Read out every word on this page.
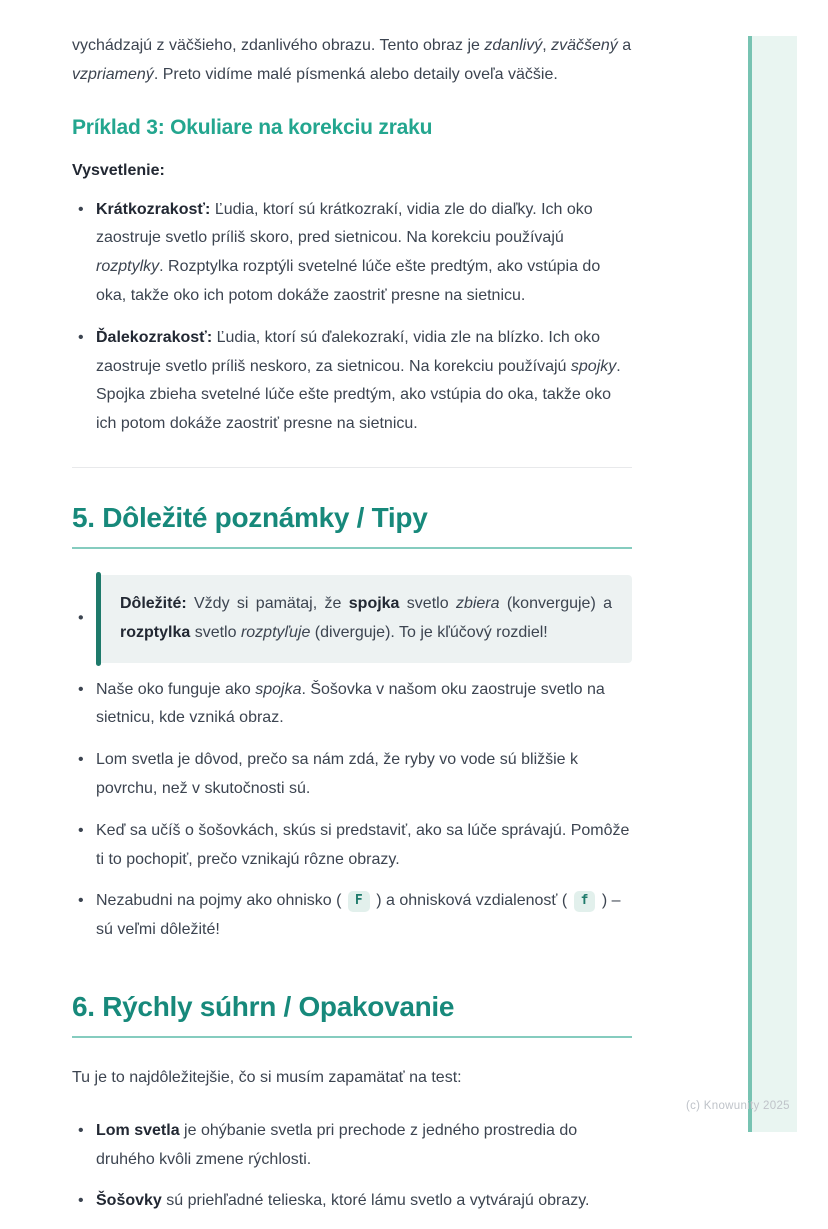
vychádzajú z väčšieho, zdanlivého obrazu. Tento obraz je zdanlivý, zväčšený a vzpriamený. Preto vidíme malé písmenká alebo detaily oveľa väčšie.

Príklad 3: Okuliare na korekciu zraku

Vysvetlenie:

• Krátkozrakosť: Ľudia, ktorí sú krátkozrakí, vidia zle do diaľky. Ich oko zaostruje svetlo príliš skoro, pred sietnicou. Na korekciu používajú rozptylky. Rozptylka rozptýli svetelné lúče ešte predtým, ako vstúpia do oka, takže oko ich potom dokáže zaostriť presne na sietnicu.
• Ďalekozrakosť: Ľudia, ktorí sú ďalekozrakí, vidia zle na blízko. Ich oko zaostruje svetlo príliš neskoro, za sietnicou. Na korekciu používajú spojky. Spojka zbieha svetelné lúče ešte predtým, ako vstúpia do oka, takže oko ich potom dokáže zaostriť presne na sietnicu.
5. Dôležité poznámky / Tipy

• Dôležité: Vždy si pamätaj, že spojka svetlo zbiera (konverguje) a rozptylka svetlo rozptyľuje (diverguje). To je kľúčový rozdiel!

• Naše oko funguje ako spojka. Šošovka v našom oku zaostruje svetlo na sietnicu, kde vzniká obraz.
• Lom svetla je dôvod, prečo sa nám zdá, že ryby vo vode sú bližšie k povrchu, než v skutočnosti sú.
• Keď sa učíš o šošovkách, skús si predstaviť, ako sa lúče správajú. Pomôže ti to pochopiť, prečo vznikajú rôzne obrazy.
• Nezabudni na pojmy ako ohnisko ( F ) a ohnisková vzdialenosť ( f ) – sú veľmi dôležité!
6. Rýchly súhrn / Opakovanie

Tu je to najdôležitejšie, čo si musím zapamätať na test:

• Lom svetla je ohýbanie svetla pri prechode z jedného prostredia do druhého kvôli zmene rýchlosti.
• Šošovky sú priehľadné telieska, ktoré lámu svetlo a vytvárajú obrazy.
(c) Knowunity 2025
